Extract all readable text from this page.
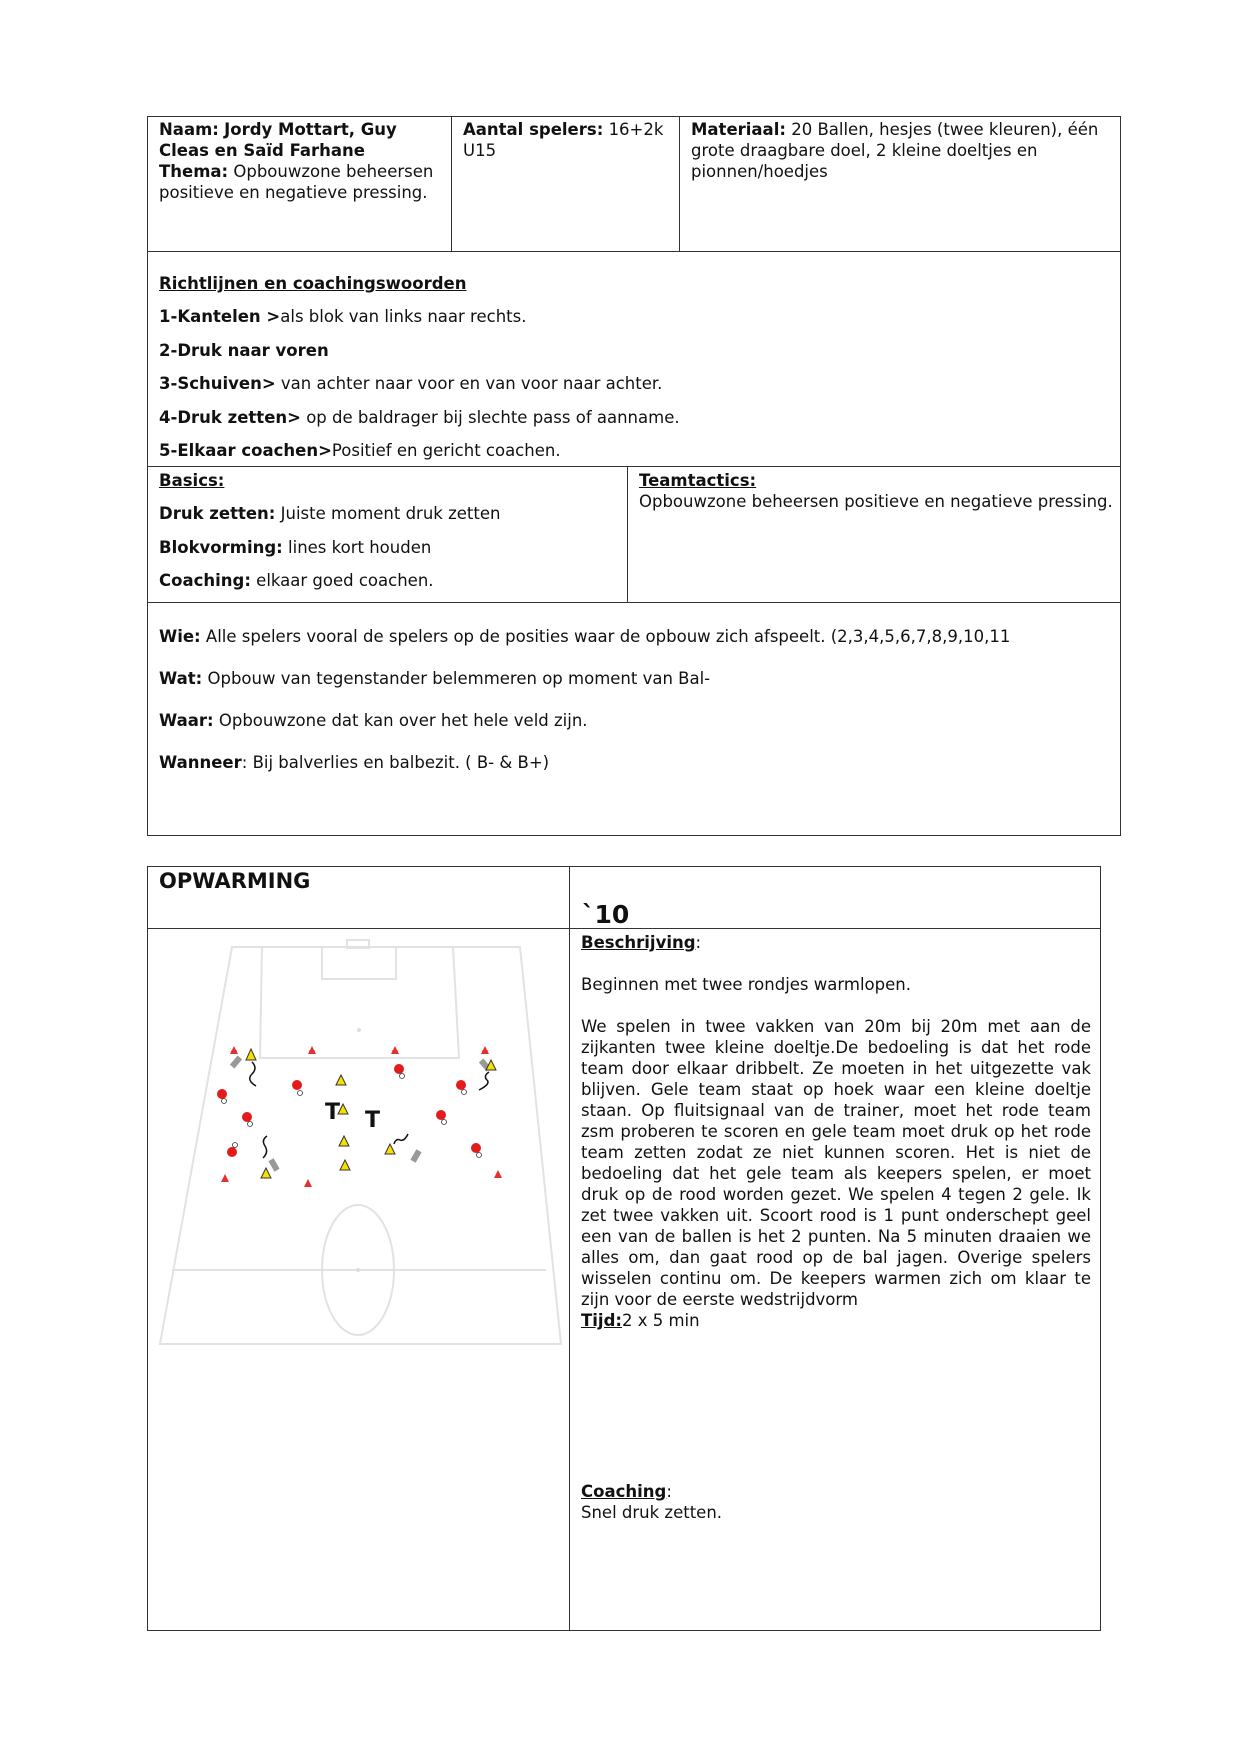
Naam: Jordy Mottart, Guy Cleas en Saïd Farhane
Thema: Opbouwzone beheersen positieve en negatieve pressing.
Aantal spelers: 16+2k
U15
Materiaal: 20 Ballen, hesjes (twee kleuren), één grote draagbare doel, 2 kleine doeltjes en pionnen/hoedjes

Richtlijnen en coachingswoorden

1-Kantelen >als blok van links naar rechts.

2-Druk naar voren

3-Schuiven> van achter naar voor en van voor naar achter.

4-Druk zetten> op de baldrager bij slechte pass of aanname.

5-Elkaar coachen>Positief en gericht coachen.

Basics:

Druk zetten: Juiste moment druk zetten

Blokvorming: lines kort houden

Coaching: elkaar goed coachen.

Teamtactics:

Opbouwzone beheersen positieve en negatieve pressing.

Wie: Alle spelers vooral de spelers op de posities waar de opbouw zich afspeelt. (2,3,4,5,6,7,8,9,10,11

Wat: Opbouw van tegenstander belemmeren op moment van Bal-

Waar: Opbouwzone dat kan over het hele veld zijn.

Wanneer: Bij balverlies en balbezit. ( B- & B+)

OPWARMING
`10

Beschrijving:

Beginnen met twee rondjes warmlopen.

We spelen in twee vakken van 20m bij 20m met aan de zijkanten twee kleine doeltje.De bedoeling is dat het rode team door elkaar dribbelt. Ze moeten in het uitgezette vak blijven. Gele team staat op hoek waar een kleine doeltje staan. Op fluitsignaal van de trainer, moet het rode team zsm proberen te scoren en gele team moet druk op het rode team zetten zodat ze niet kunnen scoren. Het is niet de bedoeling dat het gele team als keepers spelen, er moet druk op de rood worden gezet. We spelen 4 tegen 2 gele. Ik zet twee vakken uit. Scoort rood is 1 punt onderschept geel een van de ballen is het 2 punten. Na 5 minuten draaien we alles om, dan gaat rood op de bal jagen. Overige spelers wisselen continu om. De keepers warmen zich om klaar te zijn voor de eerste wedstrijdvorm

Tijd:2 x 5 min

Coaching:

Snel druk zetten.

T T
